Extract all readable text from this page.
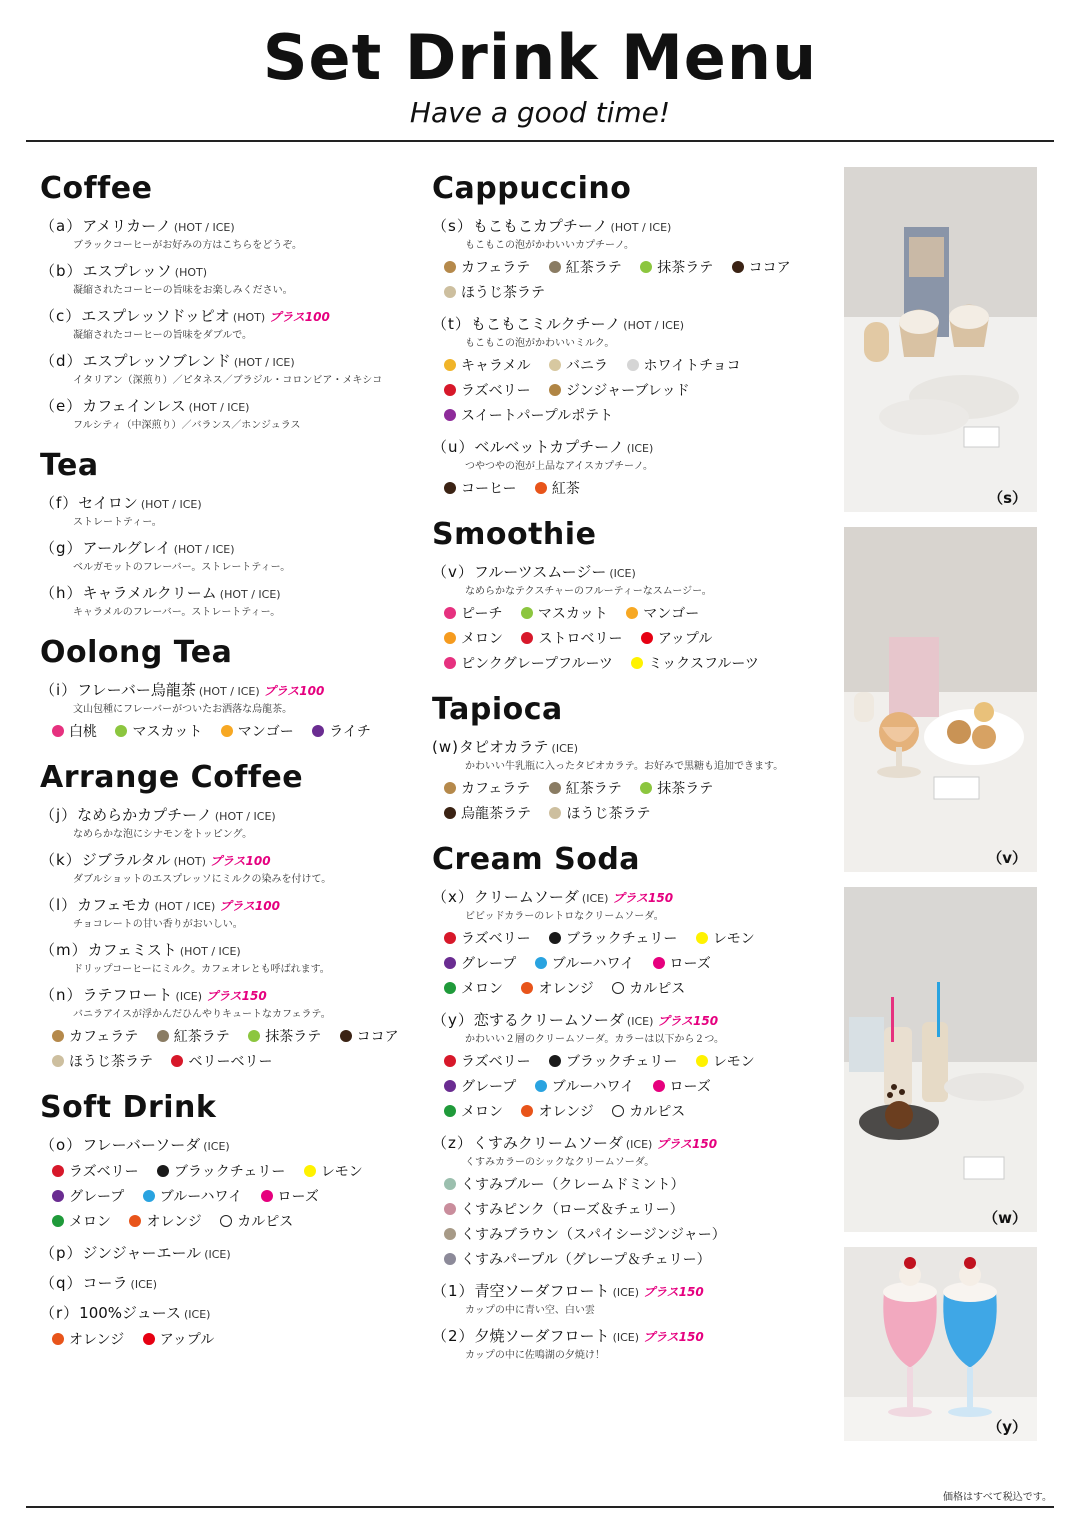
Set Drink Menu
Have a good time!
Coffee
（a）アメリカーノ (HOT / ICE)
ブラックコーヒーがお好みの方はこちらをどうぞ。
（b）エスプレッソ (HOT)
凝縮されたコーヒーの旨味をお楽しみください。
（c）エスプレッソドッピオ (HOT) プラス100
凝縮されたコーヒーの旨味をダブルで。
（d）エスプレッソブレンド (HOT / ICE)
イタリアン（深煎り）／ピタネス／ブラジル・コロンビア・メキシコ
（e）カフェインレス (HOT / ICE)
フルシティ（中深煎り）／バランス／ホンジュラス
Tea
（f）セイロン (HOT / ICE)
ストレートティー。
（g）アールグレイ (HOT / ICE)
ベルガモットのフレーバー。ストレートティー。
（h）キャラメルクリーム (HOT / ICE)
キャラメルのフレーバー。ストレートティー。
Oolong Tea
（i）フレーバー烏龍茶 (HOT / ICE) プラス100
文山包種にフレーバーがついたお洒落な烏龍茶。
白桃	マスカット	マンゴー	ライチ
Arrange Coffee
（j）なめらかカプチーノ (HOT / ICE)
なめらかな泡にシナモンをトッピング。
（k）ジブラルタル (HOT) プラス100
ダブルショットのエスプレッソにミルクの染みを付けて。
（l）カフェモカ (HOT / ICE) プラス100
チョコレートの甘い香りがおいしい。
（m）カフェミスト (HOT / ICE)
ドリップコーヒーにミルク。カフェオレとも呼ばれます。
（n）ラテフロート (ICE) プラス150
バニラアイスが浮かんだひんやりキュートなカフェラテ。
カフェラテ	紅茶ラテ	抹茶ラテ	ココア
ほうじ茶ラテ	ベリーベリー
Soft Drink
（o）フレーバーソーダ (ICE)
ラズベリー	ブラックチェリー	レモン
グレープ	ブルーハワイ	ローズ
メロン	オレンジ	カルピス
（p）ジンジャーエール (ICE)
（q）コーラ (ICE)
（r）100%ジュース (ICE)
オレンジ	アップル
Cappuccino
（s）もこもこカプチーノ (HOT / ICE)
もこもこの泡がかわいいカプチーノ。
カフェラテ	紅茶ラテ	抹茶ラテ	ココア
ほうじ茶ラテ
（t）もこもこミルクチーノ (HOT / ICE)
もこもこの泡がかわいいミルク。
キャラメル	バニラ	ホワイトチョコ
ラズベリー	ジンジャーブレッド
スイートパープルポテト
（u）ベルベットカプチーノ (ICE)
つやつやの泡が上品なアイスカプチーノ。
コーヒー	紅茶
Smoothie
（v）フルーツスムージー (ICE)
なめらかなテクスチャーのフルーティーなスムージー。
ピーチ	マスカット	マンゴー
メロン	ストロベリー	アップル
ピンクグレープフルーツ	ミックスフルーツ
Tapioca
(w)タピオカラテ (ICE)
かわいい牛乳瓶に入ったタピオカラテ。お好みで黒糖も追加できます。
カフェラテ	紅茶ラテ	抹茶ラテ
烏龍茶ラテ	ほうじ茶ラテ
Cream Soda
（x）クリームソーダ (ICE) プラス150
ビビッドカラーのレトロなクリームソーダ。
ラズベリー	ブラックチェリー	レモン
グレープ	ブルーハワイ	ローズ
メロン	オレンジ	カルピス
（y）恋するクリームソーダ (ICE) プラス150
かわいい２層のクリームソーダ。カラーは以下から２つ。
ラズベリー	ブラックチェリー	レモン
グレープ	ブルーハワイ	ローズ
メロン	オレンジ	カルピス
（z）くすみクリームソーダ (ICE) プラス150
くすみカラーのシックなクリームソーダ。
くすみブルー（クレームドミント）
くすみピンク（ローズ＆チェリー）
くすみブラウン（スパイシージンジャー）
くすみパープル（グレープ＆チェリー）
（1）青空ソーダフロート (ICE) プラス150
カップの中に青い空、白い雲
（2）夕焼ソーダフロート (ICE) プラス150
カップの中に佐鳴湖の夕焼け！
（s）
（v）
（w）
（y）
価格はすべて税込です。
